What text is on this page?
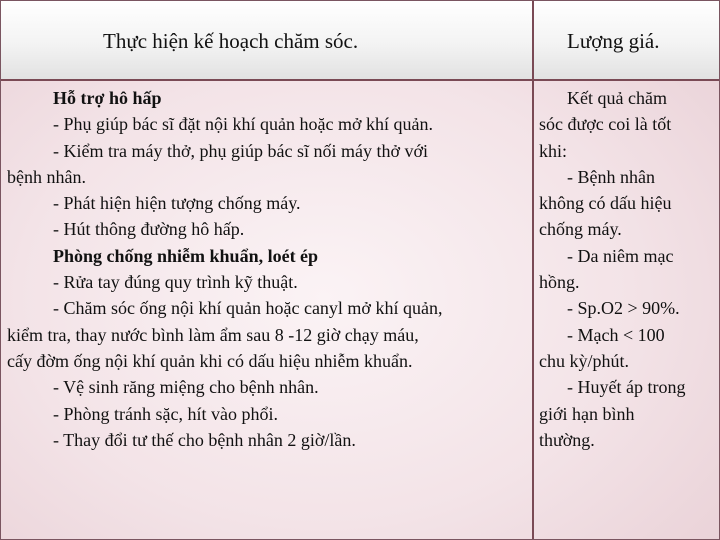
Thực hiện kế hoạch chăm sóc.	Lượng giá.
Hỗ trợ hô hấp
- Phụ giúp bác sĩ đặt nội khí quản hoặc mở khí quản.
- Kiểm tra máy thở, phụ giúp bác sĩ nối máy thở với
bệnh nhân.
- Phát hiện hiện tượng chống máy.
- Hút thông đường hô hấp.
Phòng chống nhiễm khuẩn, loét ép
- Rửa tay đúng quy trình kỹ thuật.
- Chăm sóc ống nội khí quản hoặc canyl mở khí quản,
kiểm tra, thay nước bình làm ẩm sau 8 -12 giờ chạy máu,
cấy đờm ống nội khí quản khi có dấu hiệu nhiễm khuẩn.
- Vệ sinh răng miệng cho bệnh nhân.
- Phòng tránh sặc, hít vào phổi.
- Thay đổi tư thế cho bệnh nhân 2 giờ/lần.
Kết quả chăm
sóc được coi là tốt
khi:
- Bệnh nhân
không có dấu hiệu
chống máy.
- Da niêm mạc
hồng.
- Sp.O2 > 90%.
- Mạch < 100
chu kỳ/phút.
- Huyết áp trong
giới hạn bình
thường.
